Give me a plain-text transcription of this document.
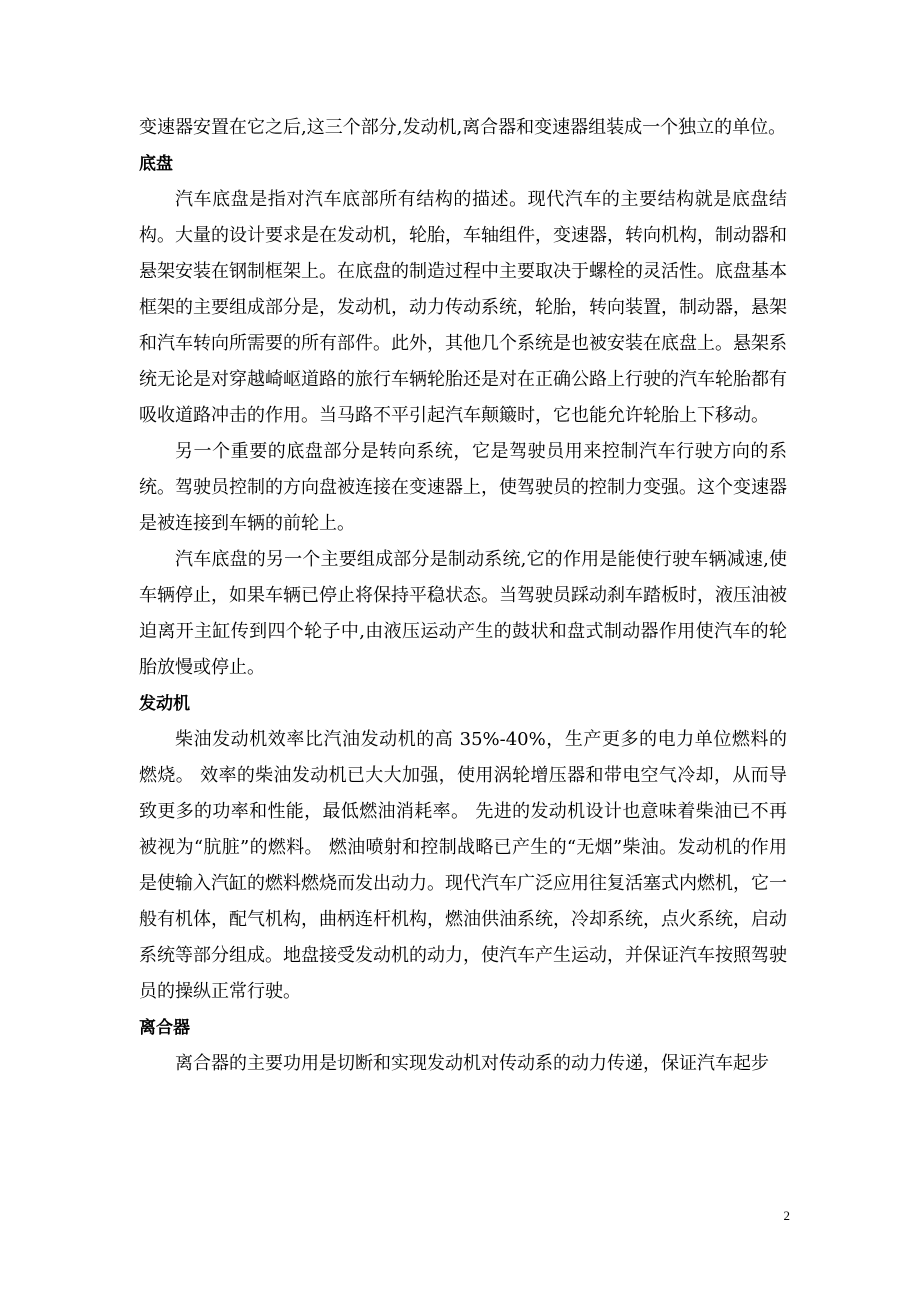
变速器安置在它之后,这三个部分,发动机,离合器和变速器组装成一个独立的单位。

底盘

汽车底盘是指对汽车底部所有结构的描述。现代汽车的主要结构就是底盘结构。大量的设计要求是在发动机，轮胎，车轴组件，变速器，转向机构，制动器和悬架安装在钢制框架上。在底盘的制造过程中主要取决于螺栓的灵活性。底盘基本框架的主要组成部分是，发动机，动力传动系统，轮胎，转向装置，制动器，悬架和汽车转向所需要的所有部件。此外，其他几个系统是也被安装在底盘上。悬架系统无论是对穿越崎岖道路的旅行车辆轮胎还是对在正确公路上行驶的汽车轮胎都有吸收道路冲击的作用。当马路不平引起汽车颠簸时，它也能允许轮胎上下移动。

另一个重要的底盘部分是转向系统，它是驾驶员用来控制汽车行驶方向的系统。驾驶员控制的方向盘被连接在变速器上，使驾驶员的控制力变强。这个变速器是被连接到车辆的前轮上。

汽车底盘的另一个主要组成部分是制动系统,它的作用是能使行驶车辆减速,使车辆停止，如果车辆已停止将保持平稳状态。当驾驶员踩动刹车踏板时，液压油被迫离开主缸传到四个轮子中,由液压运动产生的鼓状和盘式制动器作用使汽车的轮胎放慢或停止。

发动机

柴油发动机效率比汽油发动机的高 35%-40%，生产更多的电力单位燃料的燃烧。 效率的柴油发动机已大大加强，使用涡轮增压器和带电空气冷却，从而导致更多的功率和性能，最低燃油消耗率。 先进的发动机设计也意味着柴油已不再被视为“肮脏”的燃料。 燃油喷射和控制战略已产生的“无烟”柴油。发动机的作用是使输入汽缸的燃料燃烧而发出动力。现代汽车广泛应用往复活塞式内燃机，它一般有机体，配气机构，曲柄连杆机构，燃油供油系统，冷却系统，点火系统，启动系统等部分组成。地盘接受发动机的动力，使汽车产生运动，并保证汽车按照驾驶员的操纵正常行驶。

离合器

离合器的主要功用是切断和实现发动机对传动系的动力传递，保证汽车起步

2
